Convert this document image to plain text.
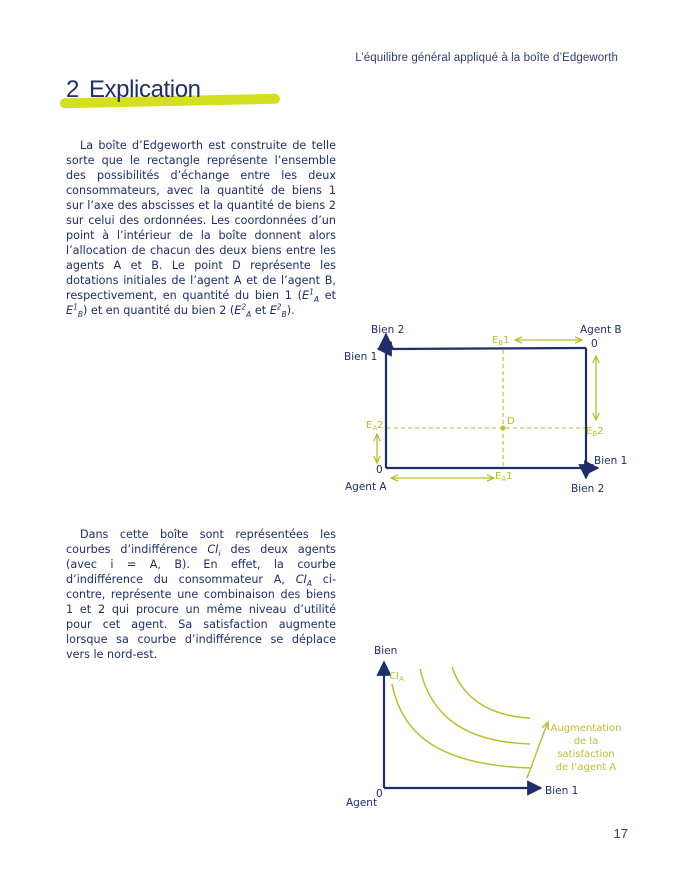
L’équilibre général appliqué à la boîte d’Edgeworth
2 Explication

La boîte d’Edgeworth est construite de telle sorte que le rectangle représente l’ensemble des possibilités d’échange entre les deux consommateurs, avec la quantité de biens 1 sur l’axe des abscisses et la quantité de biens 2 sur celui des ordonnées. Les coordonnées d’un point à l’intérieur de la boîte donnent alors l’allocation de chacun des deux biens entre les agents A et B. Le point D représente les dotations initiales de l’agent A et de l’agent B, respectivement, en quantité du bien 1 ($E^1_A$ et $E^1_B$) et en quantité du bien 2 ($E^2_A$ et $E^2_B$).

Bien 2
Bien 1
Agent B
0
$E_B1$
$E_A2$	D
$E_B2$
0
$E_A1$
Bien 1
Agent A	Bien 2

Dans cette boîte sont représentées les courbes d’indifférence $CI_i$ des deux agents (avec i = A, B). En effet, la courbe d’indifférence du consommateur A, $CI_A$ ci-contre, représente une combinaison des biens 1 et 2 qui procure un même niveau d’utilité pour cet agent. Sa satisfaction augmente lorsque sa courbe d’indifférence se déplace vers le nord-est.	Bien
$CI_A$
Augmentation
de la
satisfaction
de l’agent A
0
Agent
Bien 1
17
